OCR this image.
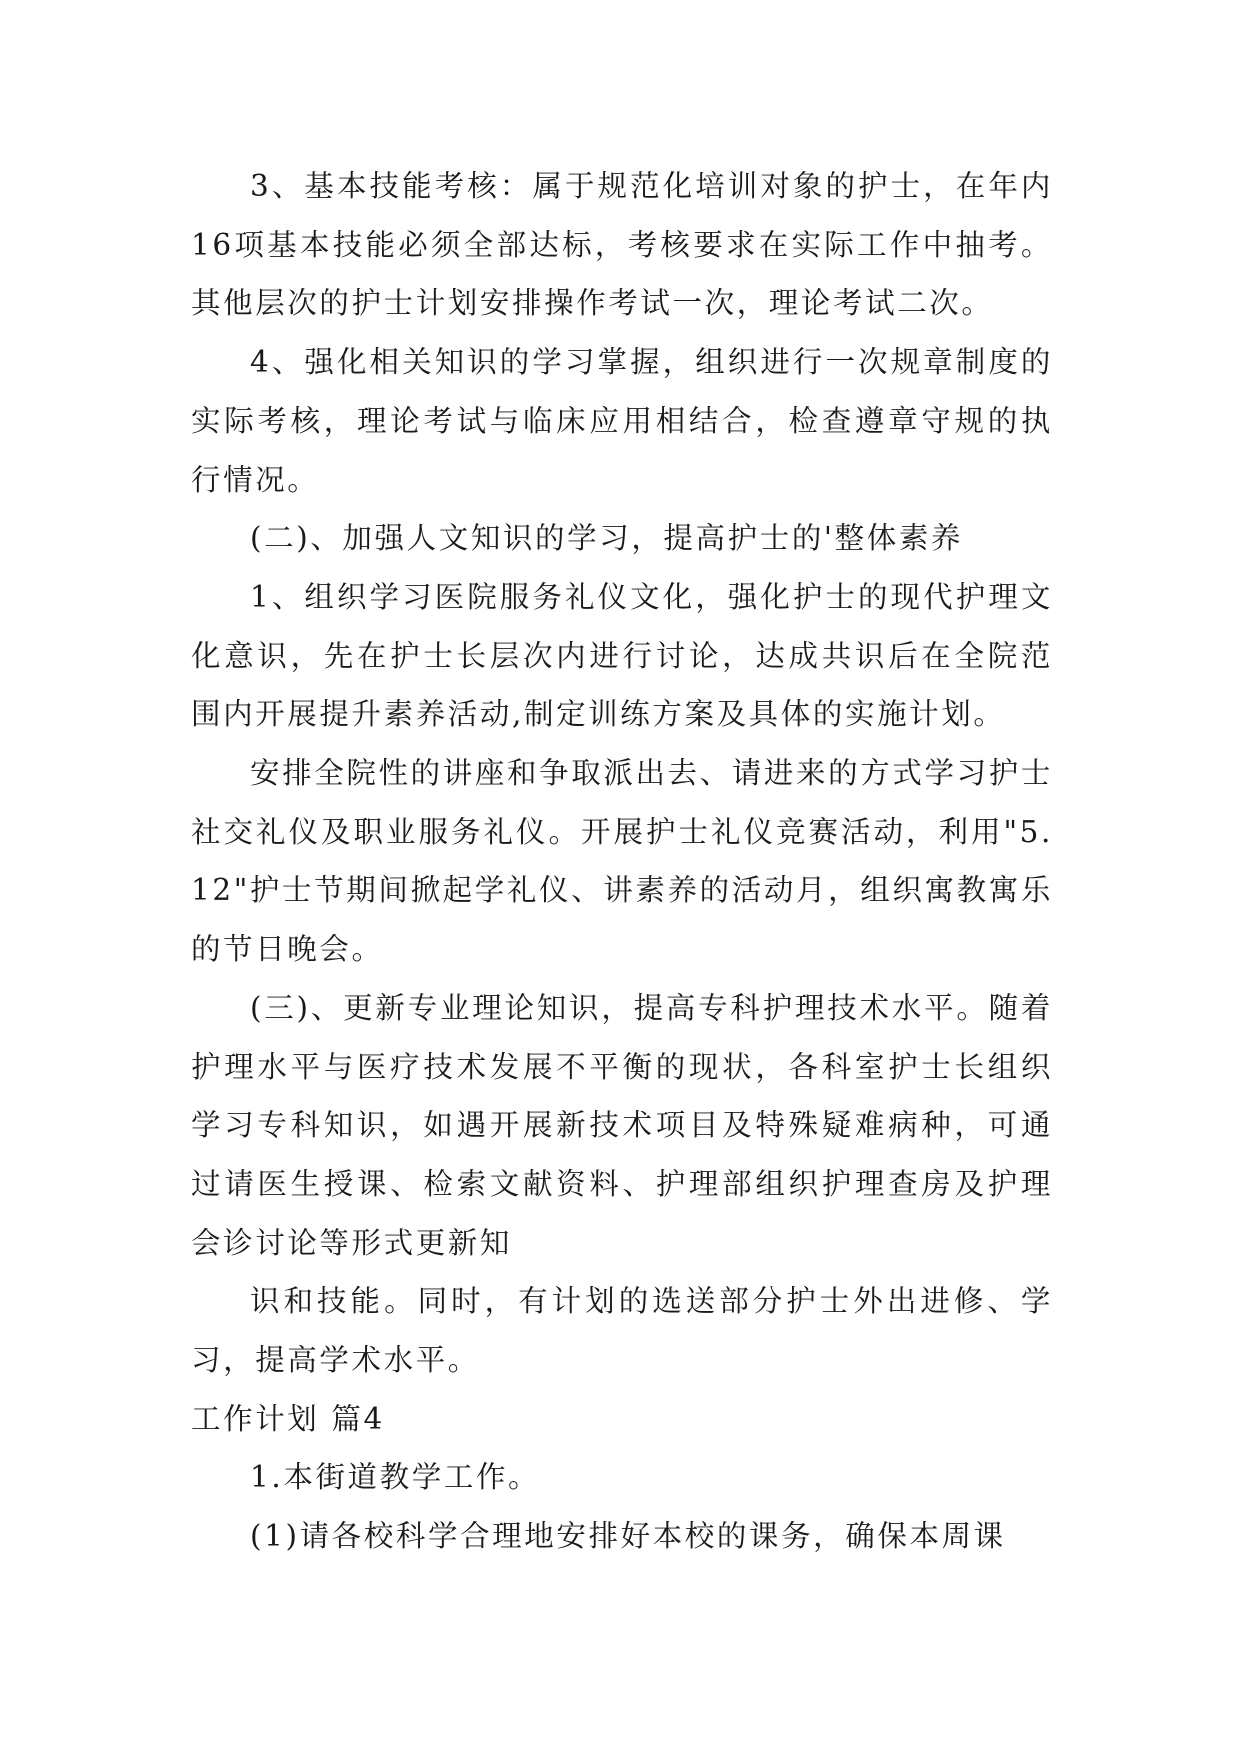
3、基本技能考核：属于规范化培训对象的护士，在年内16项基本技能必须全部达标，考核要求在实际工作中抽考。其他层次的护士计划安排操作考试一次，理论考试二次。

4、强化相关知识的学习掌握，组织进行一次规章制度的实际考核，理论考试与临床应用相结合，检查遵章守规的执行情况。

(二)、加强人文知识的学习，提高护士的'整体素养

1、组织学习医院服务礼仪文化，强化护士的现代护理文化意识，先在护士长层次内进行讨论，达成共识后在全院范围内开展提升素养活动,制定训练方案及具体的实施计划。

安排全院性的讲座和争取派出去、请进来的方式学习护士社交礼仪及职业服务礼仪。开展护士礼仪竞赛活动，利用"5.12"护士节期间掀起学礼仪、讲素养的活动月，组织寓教寓乐的节日晚会。

(三)、更新专业理论知识，提高专科护理技术水平。随着护理水平与医疗技术发展不平衡的现状，各科室护士长组织学习专科知识，如遇开展新技术项目及特殊疑难病种，可通过请医生授课、检索文献资料、护理部组织护理查房及护理会诊讨论等形式更新知

识和技能。同时，有计划的选送部分护士外出进修、学习，提高学术水平。

工作计划 篇4

1.本街道教学工作。

(1)请各校科学合理地安排好本校的课务，确保本周课
